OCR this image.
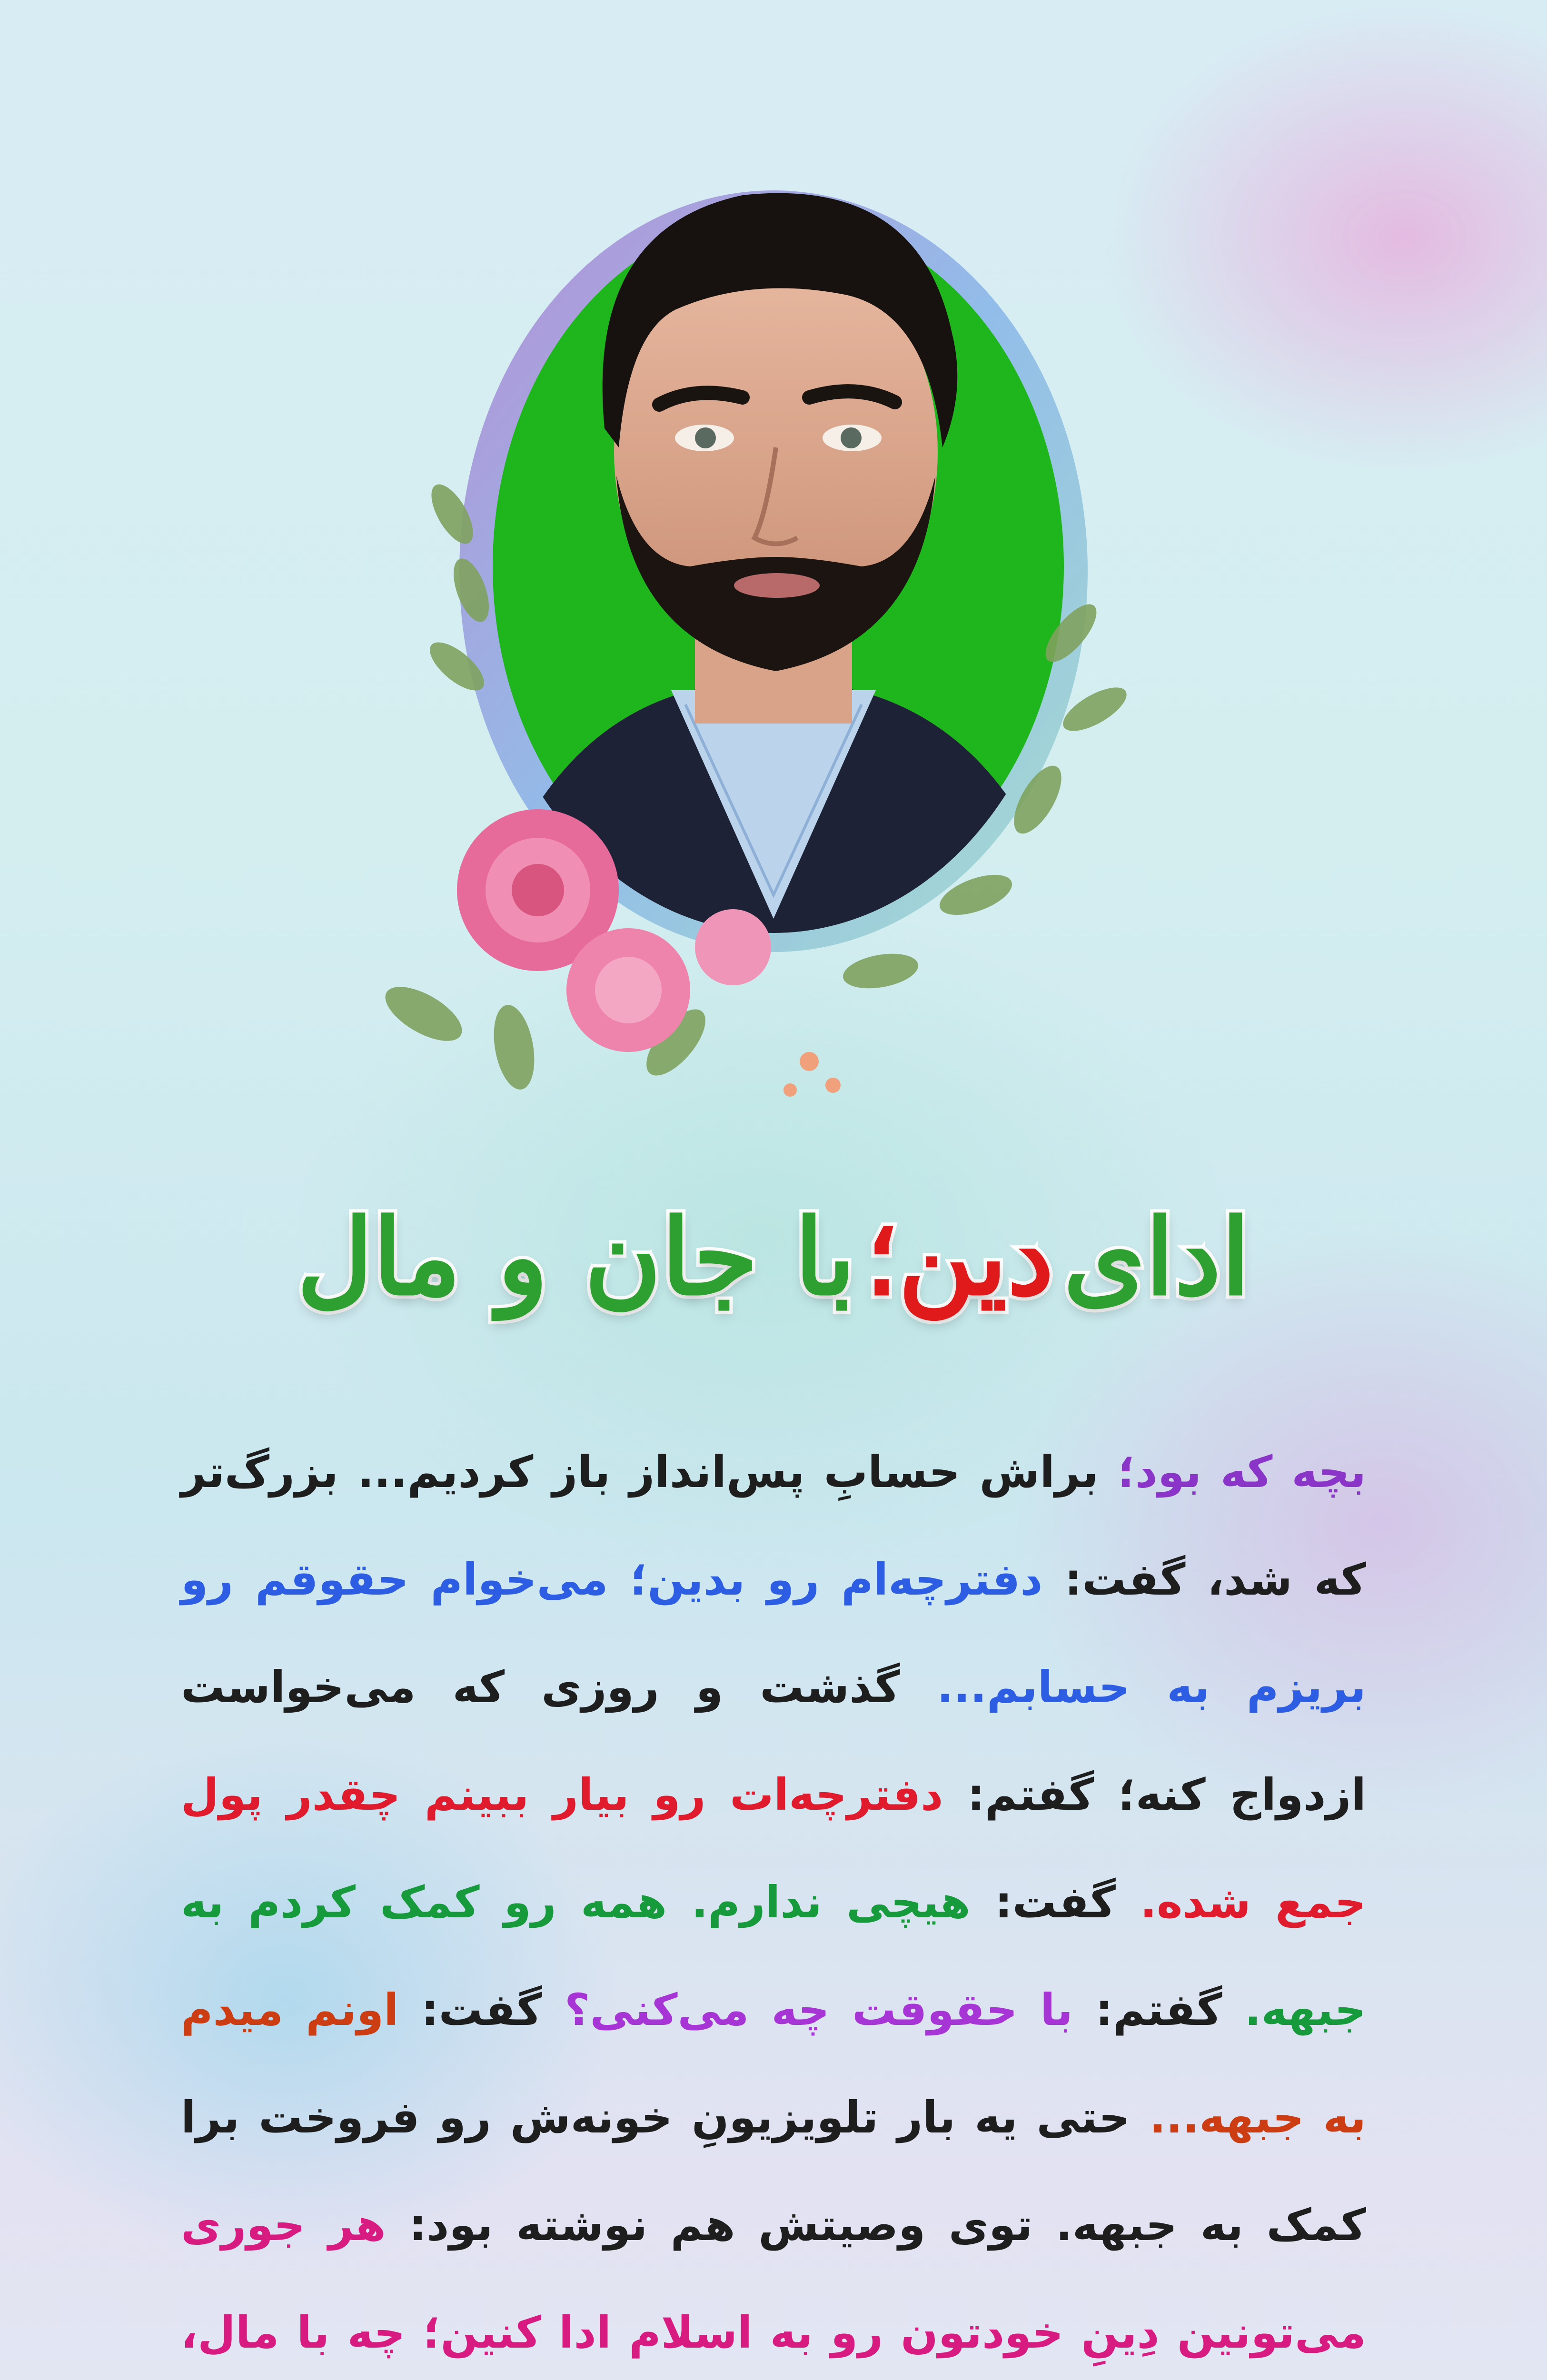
ادای
دین؛
با جان و مال
بچه که بود؛ براش حسابِ پس‌انداز باز کردیم... بزرگ‌تر که شد، گفت: دفترچه‌ام رو بدین؛ می‌خوام حقوقم رو بریزم به حسابم... گذشت و روزی که می‌خواست ازدواج کنه؛ گفتم: دفترچه‌ات رو بیار ببینم چقدر پول جمع شده. گفت: هیچی ندارم. همه رو کمک کردم به جبهه. گفتم: با حقوقت چه می‌کنی؟ گفت: اونم میدم به جبهه... حتی یه بار تلویزیونِ خونه‌ش رو فروخت برا کمک به جبهه. توی وصیتش هم نوشته بود: هر جوری می‌تونین دِینِ خودتون رو به اسلام ادا کنین؛ چه با مال،
